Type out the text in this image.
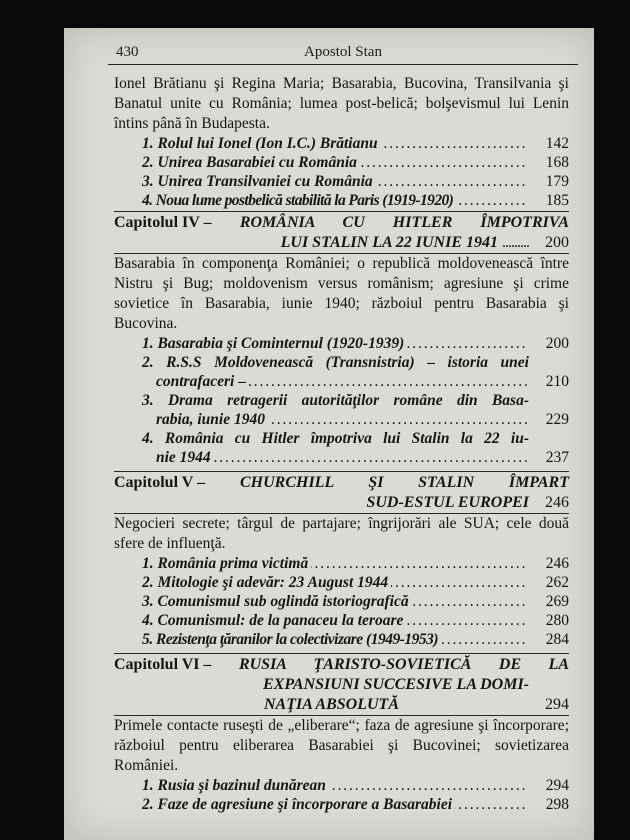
430	Apostol Stan

Ionel Brătianu şi Regina Maria; Basarabia, Bucovina, Transilvania şi Banatul unite cu România; lumea post-belică; bolşevismul lui Lenin întins până în Budapesta.

1. Rolul lui Ionel (Ion I.C.) Brătianu . . .	142
2. Unirea Basarabiei cu România . . .	168
3. Unirea Transilvaniei cu România . . .	179
4. Noua lume postbelică stabilită la Paris (1919-1920) . . .	185
Capitolul IV – ROMÂNIA CU HITLER ÎMPOTRIVA
LUI STALIN LA 22 IUNIE 1941 .........	200

Basarabia în componenţa României; o republică moldovenească între Nistru şi Bug; moldovenism versus românism; agresiune şi crime sovietice în Basarabia, iunie 1940; războiul pentru Basarabia şi Bucovina.

1. Basarabia şi Cominternul (1920-1939) . . .	200
2. R.S.S Moldovenească (Transnistria) – istoria unei
contrafaceri – . . .	210
3. Drama retragerii autorităţilor române din Basa-
rabia, iunie 1940 . . .	229
4. România cu Hitler împotriva lui Stalin la 22 iu-
nie 1944 . . .	237
Capitolul V – CHURCHILL ŞI STALIN ÎMPART
SUD-ESTUL EUROPEI	246

Negocieri secrete; târgul de partajare; îngrijorări ale SUA; cele două sfere de influenţă.

1. România prima victimă . . .	246
2. Mitologie şi adevăr: 23 August 1944 . . .	262
3. Comunismul sub oglindă istoriografică . . .	269
4. Comunismul: de la panaceu la teroare . . .	280
5. Rezistenţa ţăranilor la colectivizare (1949-1953) . . .	284
Capitolul VI – RUSIA ŢARISTO-SOVIETICĂ DE LA
EXPANSIUNI SUCCESIVE LA DOMI-
NAŢIA ABSOLUTĂ	294

Primele contacte ruseşti de „eliberare“; faza de agresiune şi încorporare; războiul pentru eliberarea Basarabiei şi Bucovinei; sovietizarea României.

1. Rusia şi bazinul dunărean . . .	294
2. Faze de agresiune şi încorporare a Basarabiei . . .	298
